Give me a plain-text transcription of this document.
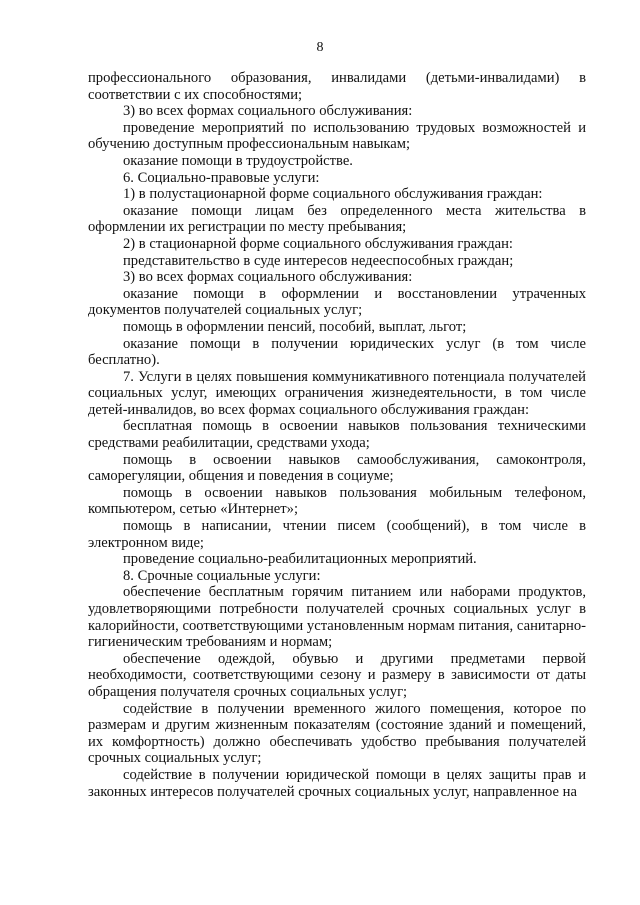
8

профессионального образования, инвалидами (детьми-инвалидами) в соответствии с их способностями;

3) во всех формах социального обслуживания:

проведение мероприятий по использованию трудовых возможностей и обучению доступным профессиональным навыкам;

оказание помощи в трудоустройстве.

6. Социально-правовые услуги:

1) в полустационарной форме социального обслуживания граждан:

оказание помощи лицам без определенного места жительства в оформлении их регистрации по месту пребывания;

2) в стационарной форме социального обслуживания граждан:

представительство в суде интересов недееспособных граждан;

3) во всех формах социального обслуживания:

оказание помощи в оформлении и восстановлении утраченных документов получателей социальных услуг;

помощь в оформлении пенсий, пособий, выплат, льгот;

оказание помощи в получении юридических услуг (в том числе бесплатно).

7. Услуги в целях повышения коммуникативного потенциала получателей социальных услуг, имеющих ограничения жизнедеятельности, в том числе детей-инвалидов, во всех формах социального обслуживания граждан:

бесплатная помощь в освоении навыков пользования техническими средствами реабилитации, средствами ухода;

помощь в освоении навыков самообслуживания, самоконтроля, саморегуляции, общения и поведения в социуме;

помощь в освоении навыков пользования мобильным телефоном, компьютером, сетью «Интернет»;

помощь в написании, чтении писем (сообщений), в том числе в электронном виде;

проведение социально-реабилитационных мероприятий.

8. Срочные социальные услуги:

обеспечение бесплатным горячим питанием или наборами продуктов, удовлетворяющими потребности получателей срочных социальных услуг в калорийности, соответствующими установленным нормам питания, санитарно-гигиеническим требованиям и нормам;

обеспечение одеждой, обувью и другими предметами первой необходимости, соответствующими сезону и размеру в зависимости от даты обращения получателя срочных социальных услуг;

содействие в получении временного жилого помещения, которое по размерам и другим жизненным показателям (состояние зданий и помещений, их комфортность) должно обеспечивать удобство пребывания получателей срочных социальных услуг;

содействие в получении юридической помощи в целях защиты прав и законных интересов получателей срочных социальных услуг, направленное на
